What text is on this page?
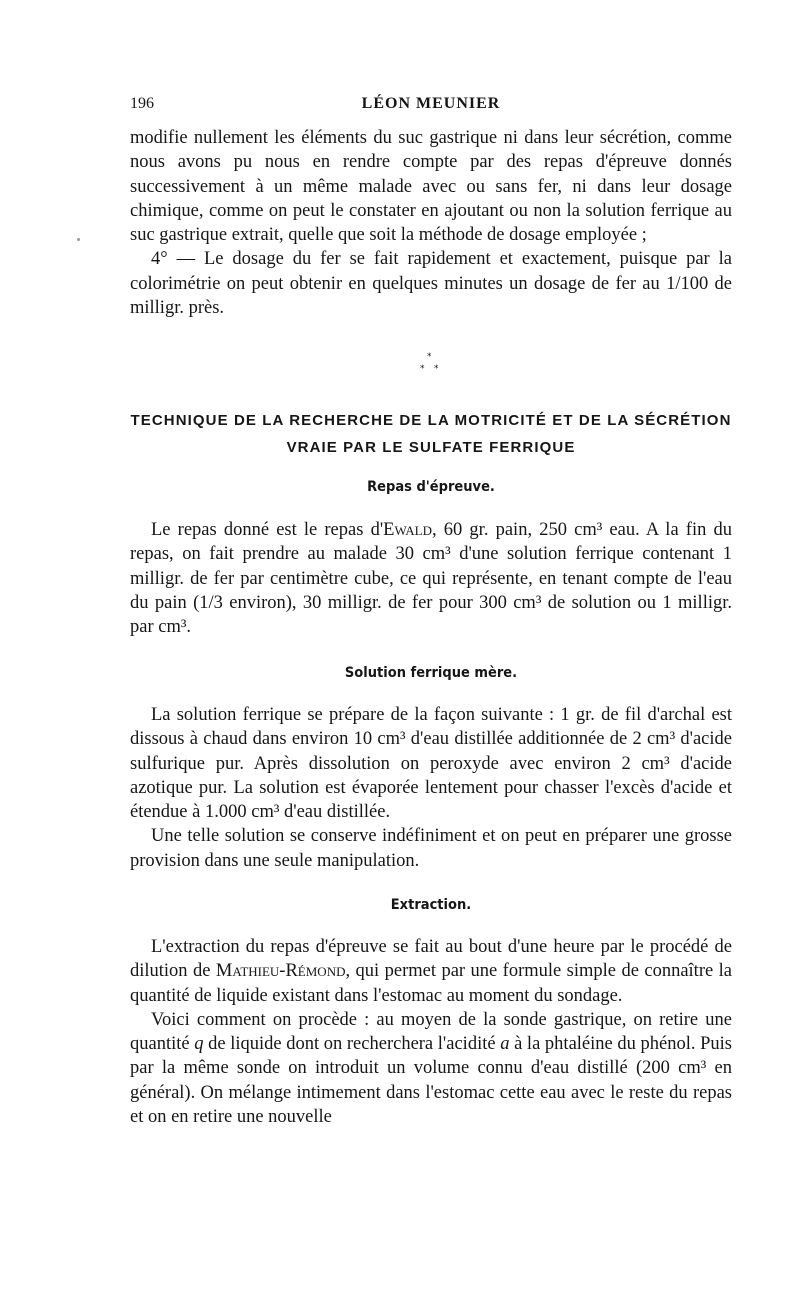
196	LÉON MEUNIER

modifie nullement les éléments du suc gastrique ni dans leur sécrétion, comme nous avons pu nous en rendre compte par des repas d'épreuve donnés successivement à un même malade avec ou sans fer, ni dans leur dosage chimique, comme on peut le constater en ajoutant ou non la solution ferrique au suc gastrique extrait, quelle que soit la méthode de dosage employée ;

4° — Le dosage du fer se fait rapidement et exactement, puisque par la colorimétrie on peut obtenir en quelques minutes un dosage de fer au 1/100 de milligr. près.

*
* *
TECHNIQUE DE LA RECHERCHE DE LA MOTRICITÉ ET DE LA SÉCRÉTION
VRAIE PAR LE SULFATE FERRIQUE
Repas d'épreuve.

Le repas donné est le repas d'Ewald, 60 gr. pain, 250 cm³ eau. A la fin du repas, on fait prendre au malade 30 cm³ d'une solution ferrique contenant 1 milligr. de fer par centimètre cube, ce qui représente, en tenant compte de l'eau du pain (1/3 environ), 30 milligr. de fer pour 300 cm³ de solution ou 1 milligr. par cm³.

Solution ferrique mère.

La solution ferrique se prépare de la façon suivante : 1 gr. de fil d'archal est dissous à chaud dans environ 10 cm³ d'eau distillée additionnée de 2 cm³ d'acide sulfurique pur. Après dissolution on peroxyde avec environ 2 cm³ d'acide azotique pur. La solution est évaporée lentement pour chasser l'excès d'acide et étendue à 1.000 cm³ d'eau distillée.

Une telle solution se conserve indéfiniment et on peut en préparer une grosse provision dans une seule manipulation.

Extraction.

L'extraction du repas d'épreuve se fait au bout d'une heure par le procédé de dilution de Mathieu-Rémond, qui permet par une formule simple de connaître la quantité de liquide existant dans l'estomac au moment du sondage.

Voici comment on procède : au moyen de la sonde gastrique, on retire une quantité q de liquide dont on recherchera l'acidité a à la phtaléine du phénol. Puis par la même sonde on introduit un volume connu d'eau distillé (200 cm³ en général). On mélange intimement dans l'estomac cette eau avec le reste du repas et on en retire une nouvelle
